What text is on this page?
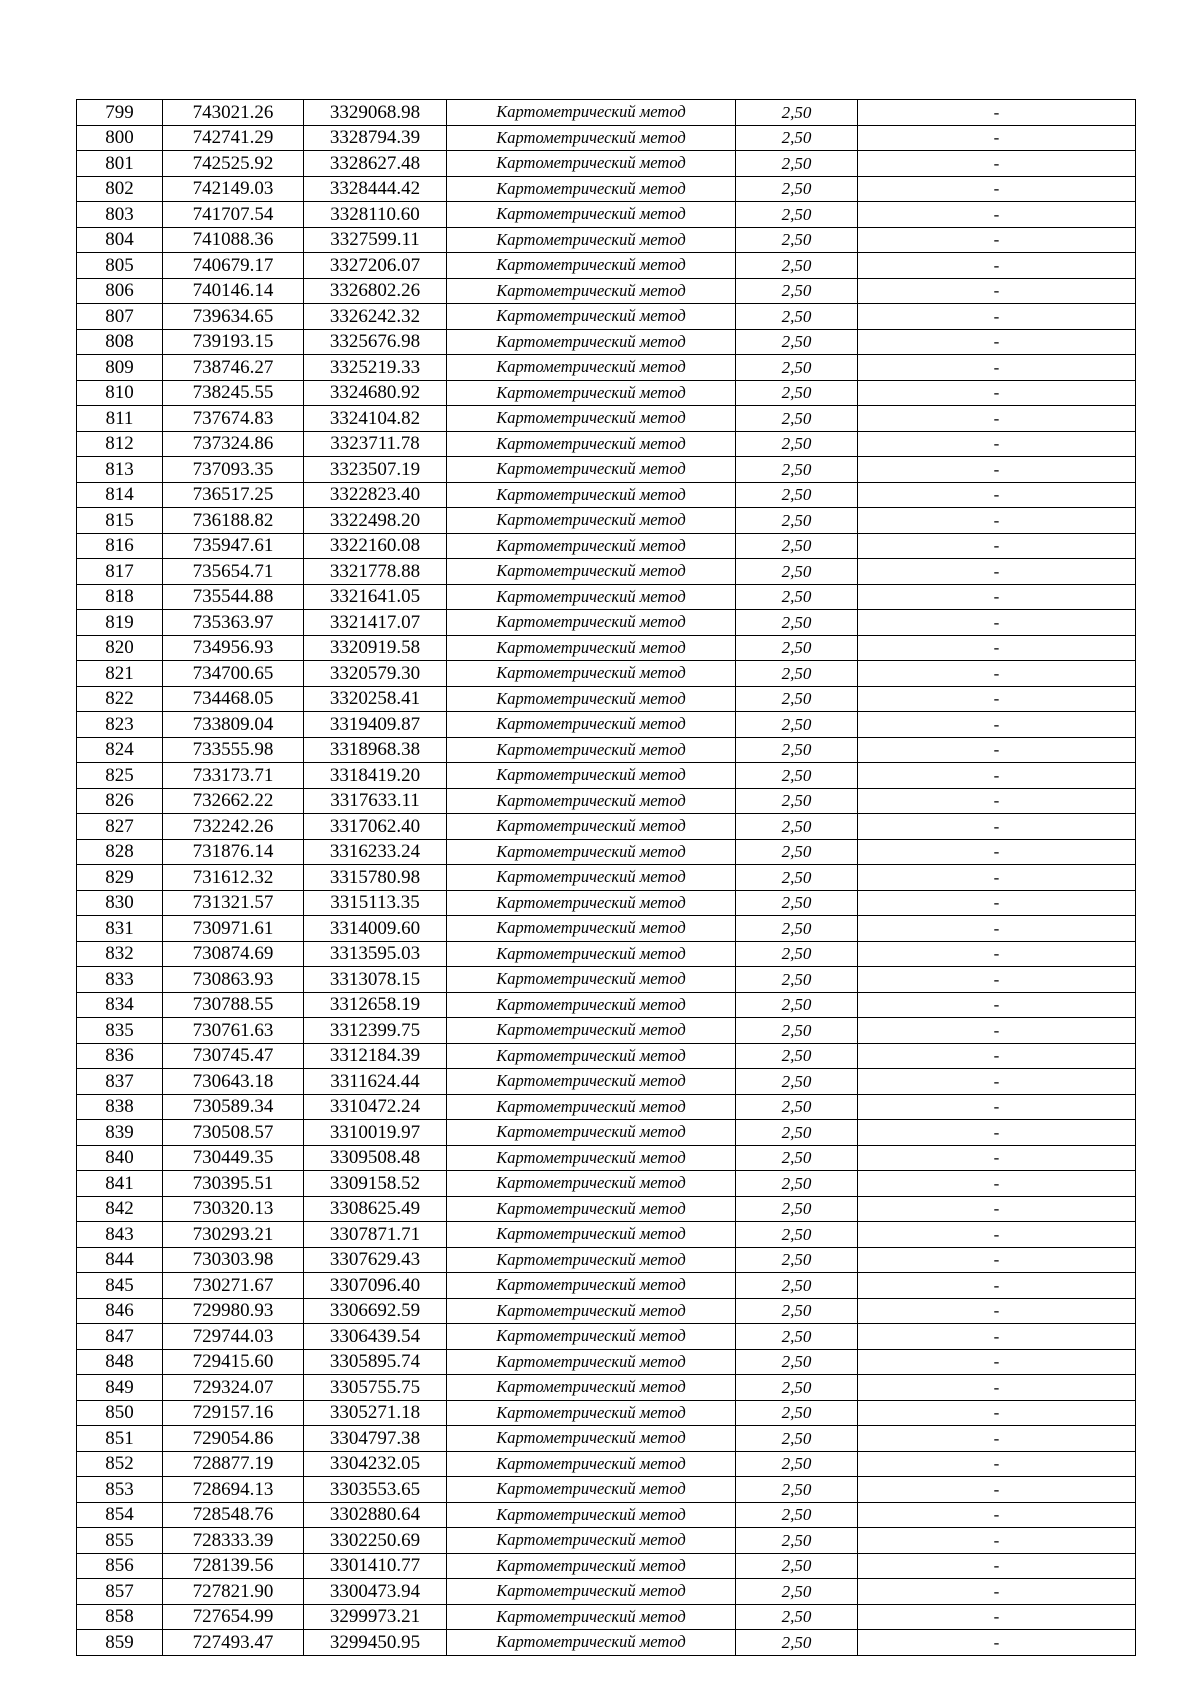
799	743021.26	3329068.98	Картометрический метод	2,50	-
800	742741.29	3328794.39	Картометрический метод	2,50	-
801	742525.92	3328627.48	Картометрический метод	2,50	-
802	742149.03	3328444.42	Картометрический метод	2,50	-
803	741707.54	3328110.60	Картометрический метод	2,50	-
804	741088.36	3327599.11	Картометрический метод	2,50	-
805	740679.17	3327206.07	Картометрический метод	2,50	-
806	740146.14	3326802.26	Картометрический метод	2,50	-
807	739634.65	3326242.32	Картометрический метод	2,50	-
808	739193.15	3325676.98	Картометрический метод	2,50	-
809	738746.27	3325219.33	Картометрический метод	2,50	-
810	738245.55	3324680.92	Картометрический метод	2,50	-
811	737674.83	3324104.82	Картометрический метод	2,50	-
812	737324.86	3323711.78	Картометрический метод	2,50	-
813	737093.35	3323507.19	Картометрический метод	2,50	-
814	736517.25	3322823.40	Картометрический метод	2,50	-
815	736188.82	3322498.20	Картометрический метод	2,50	-
816	735947.61	3322160.08	Картометрический метод	2,50	-
817	735654.71	3321778.88	Картометрический метод	2,50	-
818	735544.88	3321641.05	Картометрический метод	2,50	-
819	735363.97	3321417.07	Картометрический метод	2,50	-
820	734956.93	3320919.58	Картометрический метод	2,50	-
821	734700.65	3320579.30	Картометрический метод	2,50	-
822	734468.05	3320258.41	Картометрический метод	2,50	-
823	733809.04	3319409.87	Картометрический метод	2,50	-
824	733555.98	3318968.38	Картометрический метод	2,50	-
825	733173.71	3318419.20	Картометрический метод	2,50	-
826	732662.22	3317633.11	Картометрический метод	2,50	-
827	732242.26	3317062.40	Картометрический метод	2,50	-
828	731876.14	3316233.24	Картометрический метод	2,50	-
829	731612.32	3315780.98	Картометрический метод	2,50	-
830	731321.57	3315113.35	Картометрический метод	2,50	-
831	730971.61	3314009.60	Картометрический метод	2,50	-
832	730874.69	3313595.03	Картометрический метод	2,50	-
833	730863.93	3313078.15	Картометрический метод	2,50	-
834	730788.55	3312658.19	Картометрический метод	2,50	-
835	730761.63	3312399.75	Картометрический метод	2,50	-
836	730745.47	3312184.39	Картометрический метод	2,50	-
837	730643.18	3311624.44	Картометрический метод	2,50	-
838	730589.34	3310472.24	Картометрический метод	2,50	-
839	730508.57	3310019.97	Картометрический метод	2,50	-
840	730449.35	3309508.48	Картометрический метод	2,50	-
841	730395.51	3309158.52	Картометрический метод	2,50	-
842	730320.13	3308625.49	Картометрический метод	2,50	-
843	730293.21	3307871.71	Картометрический метод	2,50	-
844	730303.98	3307629.43	Картометрический метод	2,50	-
845	730271.67	3307096.40	Картометрический метод	2,50	-
846	729980.93	3306692.59	Картометрический метод	2,50	-
847	729744.03	3306439.54	Картометрический метод	2,50	-
848	729415.60	3305895.74	Картометрический метод	2,50	-
849	729324.07	3305755.75	Картометрический метод	2,50	-
850	729157.16	3305271.18	Картометрический метод	2,50	-
851	729054.86	3304797.38	Картометрический метод	2,50	-
852	728877.19	3304232.05	Картометрический метод	2,50	-
853	728694.13	3303553.65	Картометрический метод	2,50	-
854	728548.76	3302880.64	Картометрический метод	2,50	-
855	728333.39	3302250.69	Картометрический метод	2,50	-
856	728139.56	3301410.77	Картометрический метод	2,50	-
857	727821.90	3300473.94	Картометрический метод	2,50	-
858	727654.99	3299973.21	Картометрический метод	2,50	-
859	727493.47	3299450.95	Картометрический метод	2,50	-
